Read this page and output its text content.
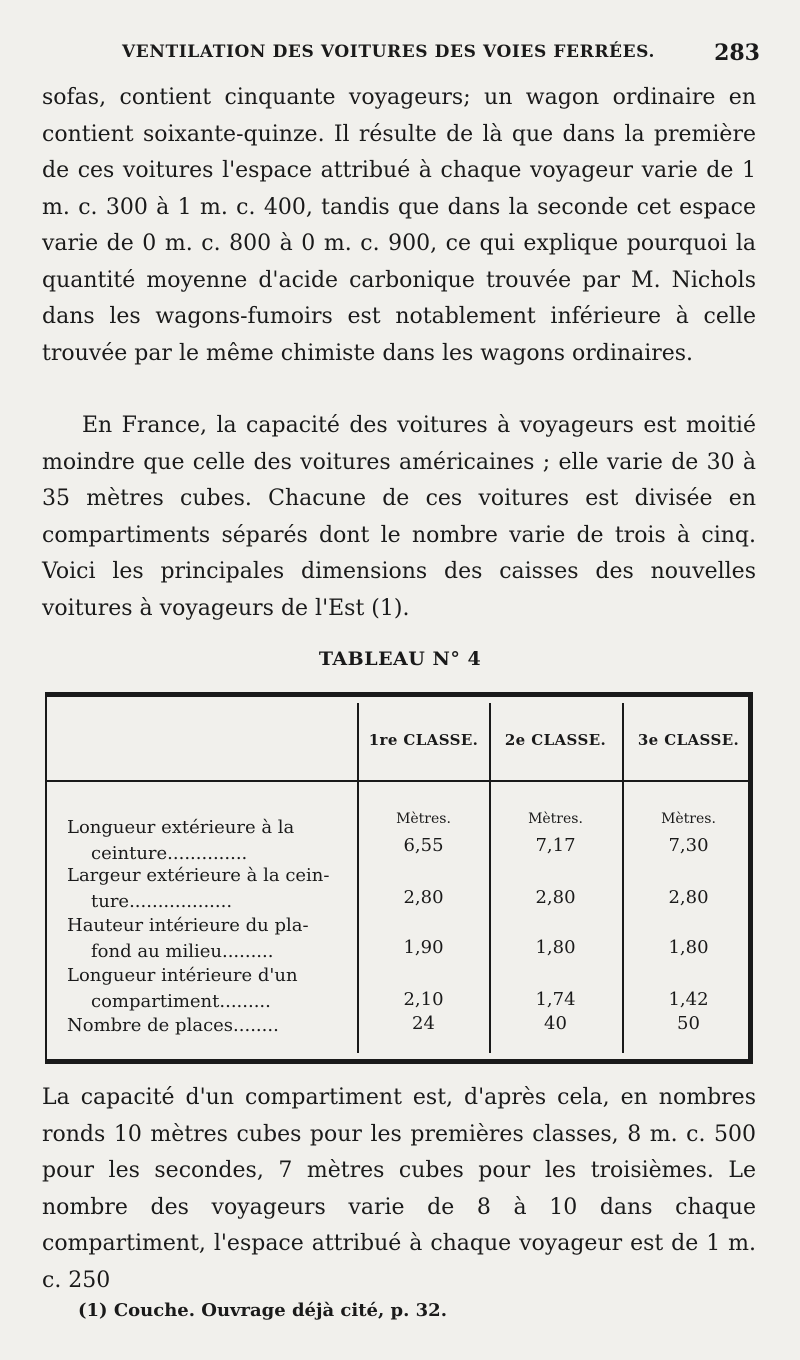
VENTILATION DES VOITURES DES VOIES FERRÉES.	283
sofas, contient cinquante voyageurs; un wagon ordinaire en contient soixante-quinze. Il résulte de là que dans la première de ces voitures l'espace attribué à chaque voyageur varie de 1 m. c. 300 à 1 m. c. 400, tandis que dans la seconde cet espace varie de 0 m. c. 800 à 0 m. c. 900, ce qui explique pourquoi la quantité moyenne d'acide carbonique trouvée par M. Nichols dans les wagons-fumoirs est notablement inférieure à celle trouvée par le même chimiste dans les wagons ordinaires.
En France, la capacité des voitures à voyageurs est moitié moindre que celle des voitures américaines ; elle varie de 30 à 35 mètres cubes. Chacune de ces voitures est divisée en compartiments séparés dont le nombre varie de trois à cinq. Voici les principales dimensions des caisses des nouvelles voitures à voyageurs de l'Est (1).
TABLEAU N° 4
1re CLASSE.	2e CLASSE.	3e CLASSE.
Mètres.	Mètres.	Mètres.
Longueur extérieure à la
ceinture..............	6,55	7,17	7,30
Largeur extérieure à la cein-
ture..................	2,80	2,80	2,80
Hauteur intérieure du pla-
fond au milieu.........	1,90	1,80	1,80
Longueur intérieure d'un
compartiment.........	2,10	1,74	1,42
Nombre de places........	24	40	50
La capacité d'un compartiment est, d'après cela, en nombres ronds 10 mètres cubes pour les premières classes, 8 m. c. 500 pour les secondes, 7 mètres cubes pour les troisièmes. Le nombre des voyageurs varie de 8 à 10 dans chaque compartiment, l'espace attribué à chaque voyageur est de 1 m. c. 250
(1) Couche. Ouvrage déjà cité, p. 32.
